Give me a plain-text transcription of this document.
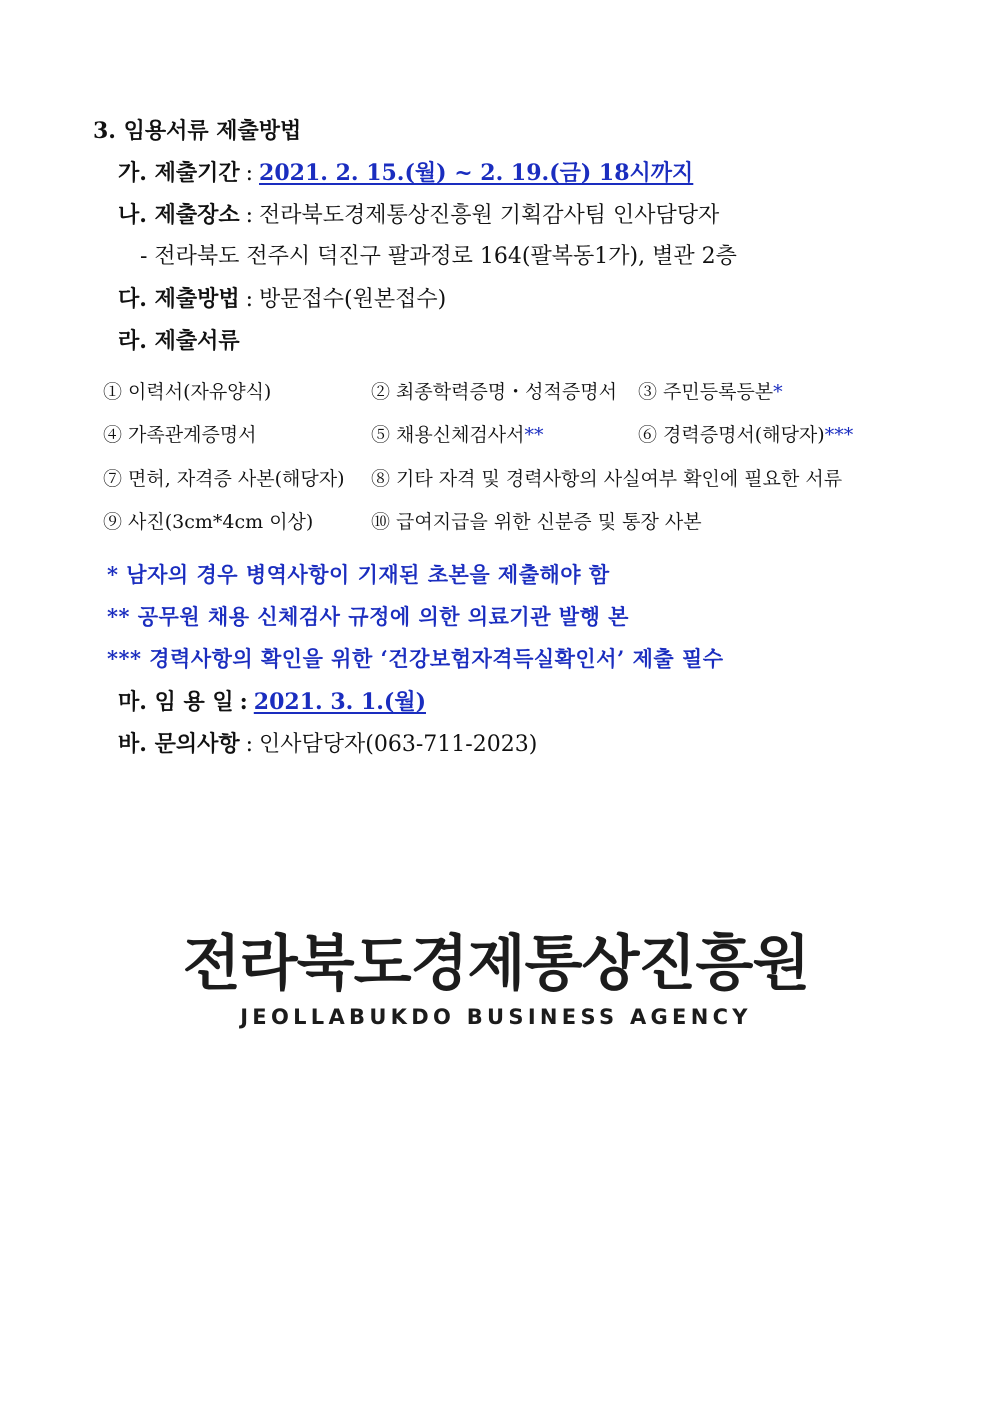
3. 임용서류 제출방법
가. 제출기간 : 2021. 2. 15.(월) ~ 2. 19.(금) 18시까지
나. 제출장소 : 전라북도경제통상진흥원 기획감사팀 인사담당자
- 전라북도 전주시 덕진구 팔과정로 164(팔복동1가), 별관 2층
다. 제출방법 : 방문접수(원본접수)
라. 제출서류
① 이력서(자유양식)	② 최종학력증명・성적증명서 ③ 주민등록등본*
④ 가족관계증명서	⑤ 채용신체검사서**	⑥ 경력증명서(해당자)***
⑦ 면허, 자격증 사본(해당자) ⑧ 기타 자격 및 경력사항의 사실여부 확인에 필요한 서류
⑨ 사진(3cm*4cm 이상)	⑩ 급여지급을 위한 신분증 및 통장 사본
* 남자의 경우 병역사항이 기재된 초본을 제출해야 함
** 공무원 채용 신체검사 규정에 의한 의료기관 발행 본
*** 경력사항의 확인을 위한 ‘건강보험자격득실확인서’ 제출 필수
마. 임 용 일 : 2021. 3. 1.(월)
바. 문의사항 : 인사담당자(063-711-2023)
전라북도경제통상진흥원
JEOLLABUKDO BUSINESS AGENCY
